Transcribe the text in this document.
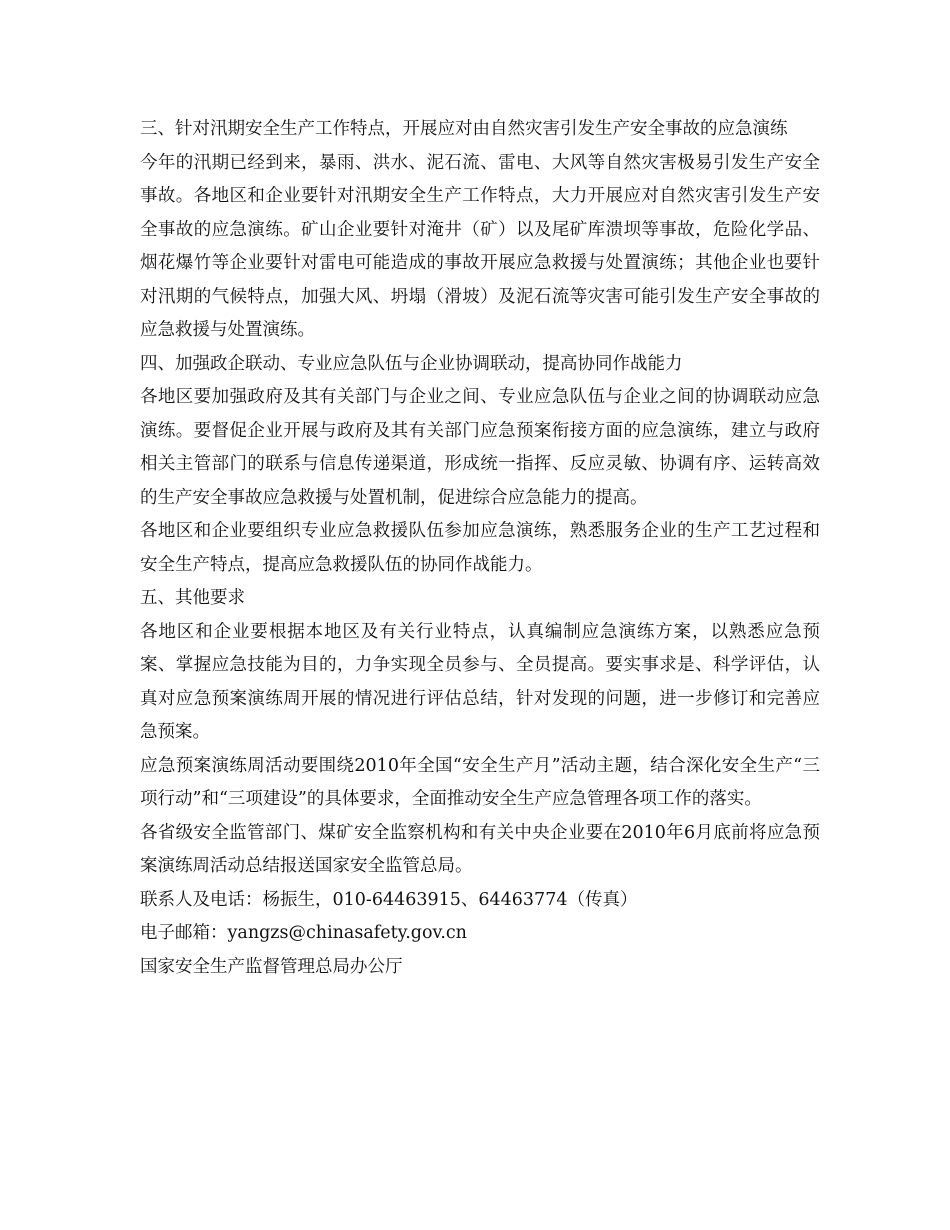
三、针对汛期安全生产工作特点，开展应对由自然灾害引发生产安全事故的应急演练

今年的汛期已经到来，暴雨、洪水、泥石流、雷电、大风等自然灾害极易引发生产安全事故。各地区和企业要针对汛期安全生产工作特点，大力开展应对自然灾害引发生产安全事故的应急演练。矿山企业要针对淹井（矿）以及尾矿库溃坝等事故，危险化学品、烟花爆竹等企业要针对雷电可能造成的事故开展应急救援与处置演练；其他企业也要针对汛期的气候特点，加强大风、坍塌（滑坡）及泥石流等灾害可能引发生产安全事故的应急救援与处置演练。

四、加强政企联动、专业应急队伍与企业协调联动，提高协同作战能力

各地区要加强政府及其有关部门与企业之间、专业应急队伍与企业之间的协调联动应急演练。要督促企业开展与政府及其有关部门应急预案衔接方面的应急演练，建立与政府相关主管部门的联系与信息传递渠道，形成统一指挥、反应灵敏、协调有序、运转高效的生产安全事故应急救援与处置机制，促进综合应急能力的提高。

各地区和企业要组织专业应急救援队伍参加应急演练，熟悉服务企业的生产工艺过程和安全生产特点，提高应急救援队伍的协同作战能力。

五、其他要求

各地区和企业要根据本地区及有关行业特点，认真编制应急演练方案，以熟悉应急预案、掌握应急技能为目的，力争实现全员参与、全员提高。要实事求是、科学评估，认真对应急预案演练周开展的情况进行评估总结，针对发现的问题，进一步修订和完善应急预案。

应急预案演练周活动要围绕2010年全国“安全生产月”活动主题，结合深化安全生产“三项行动”和“三项建设”的具体要求，全面推动安全生产应急管理各项工作的落实。

各省级安全监管部门、煤矿安全监察机构和有关中央企业要在2010年6月底前将应急预案演练周活动总结报送国家安全监管总局。

联系人及电话：杨振生，010-64463915、64463774（传真）

电子邮箱：yangzs@chinasafety.gov.cn

国家安全生产监督管理总局办公厅
